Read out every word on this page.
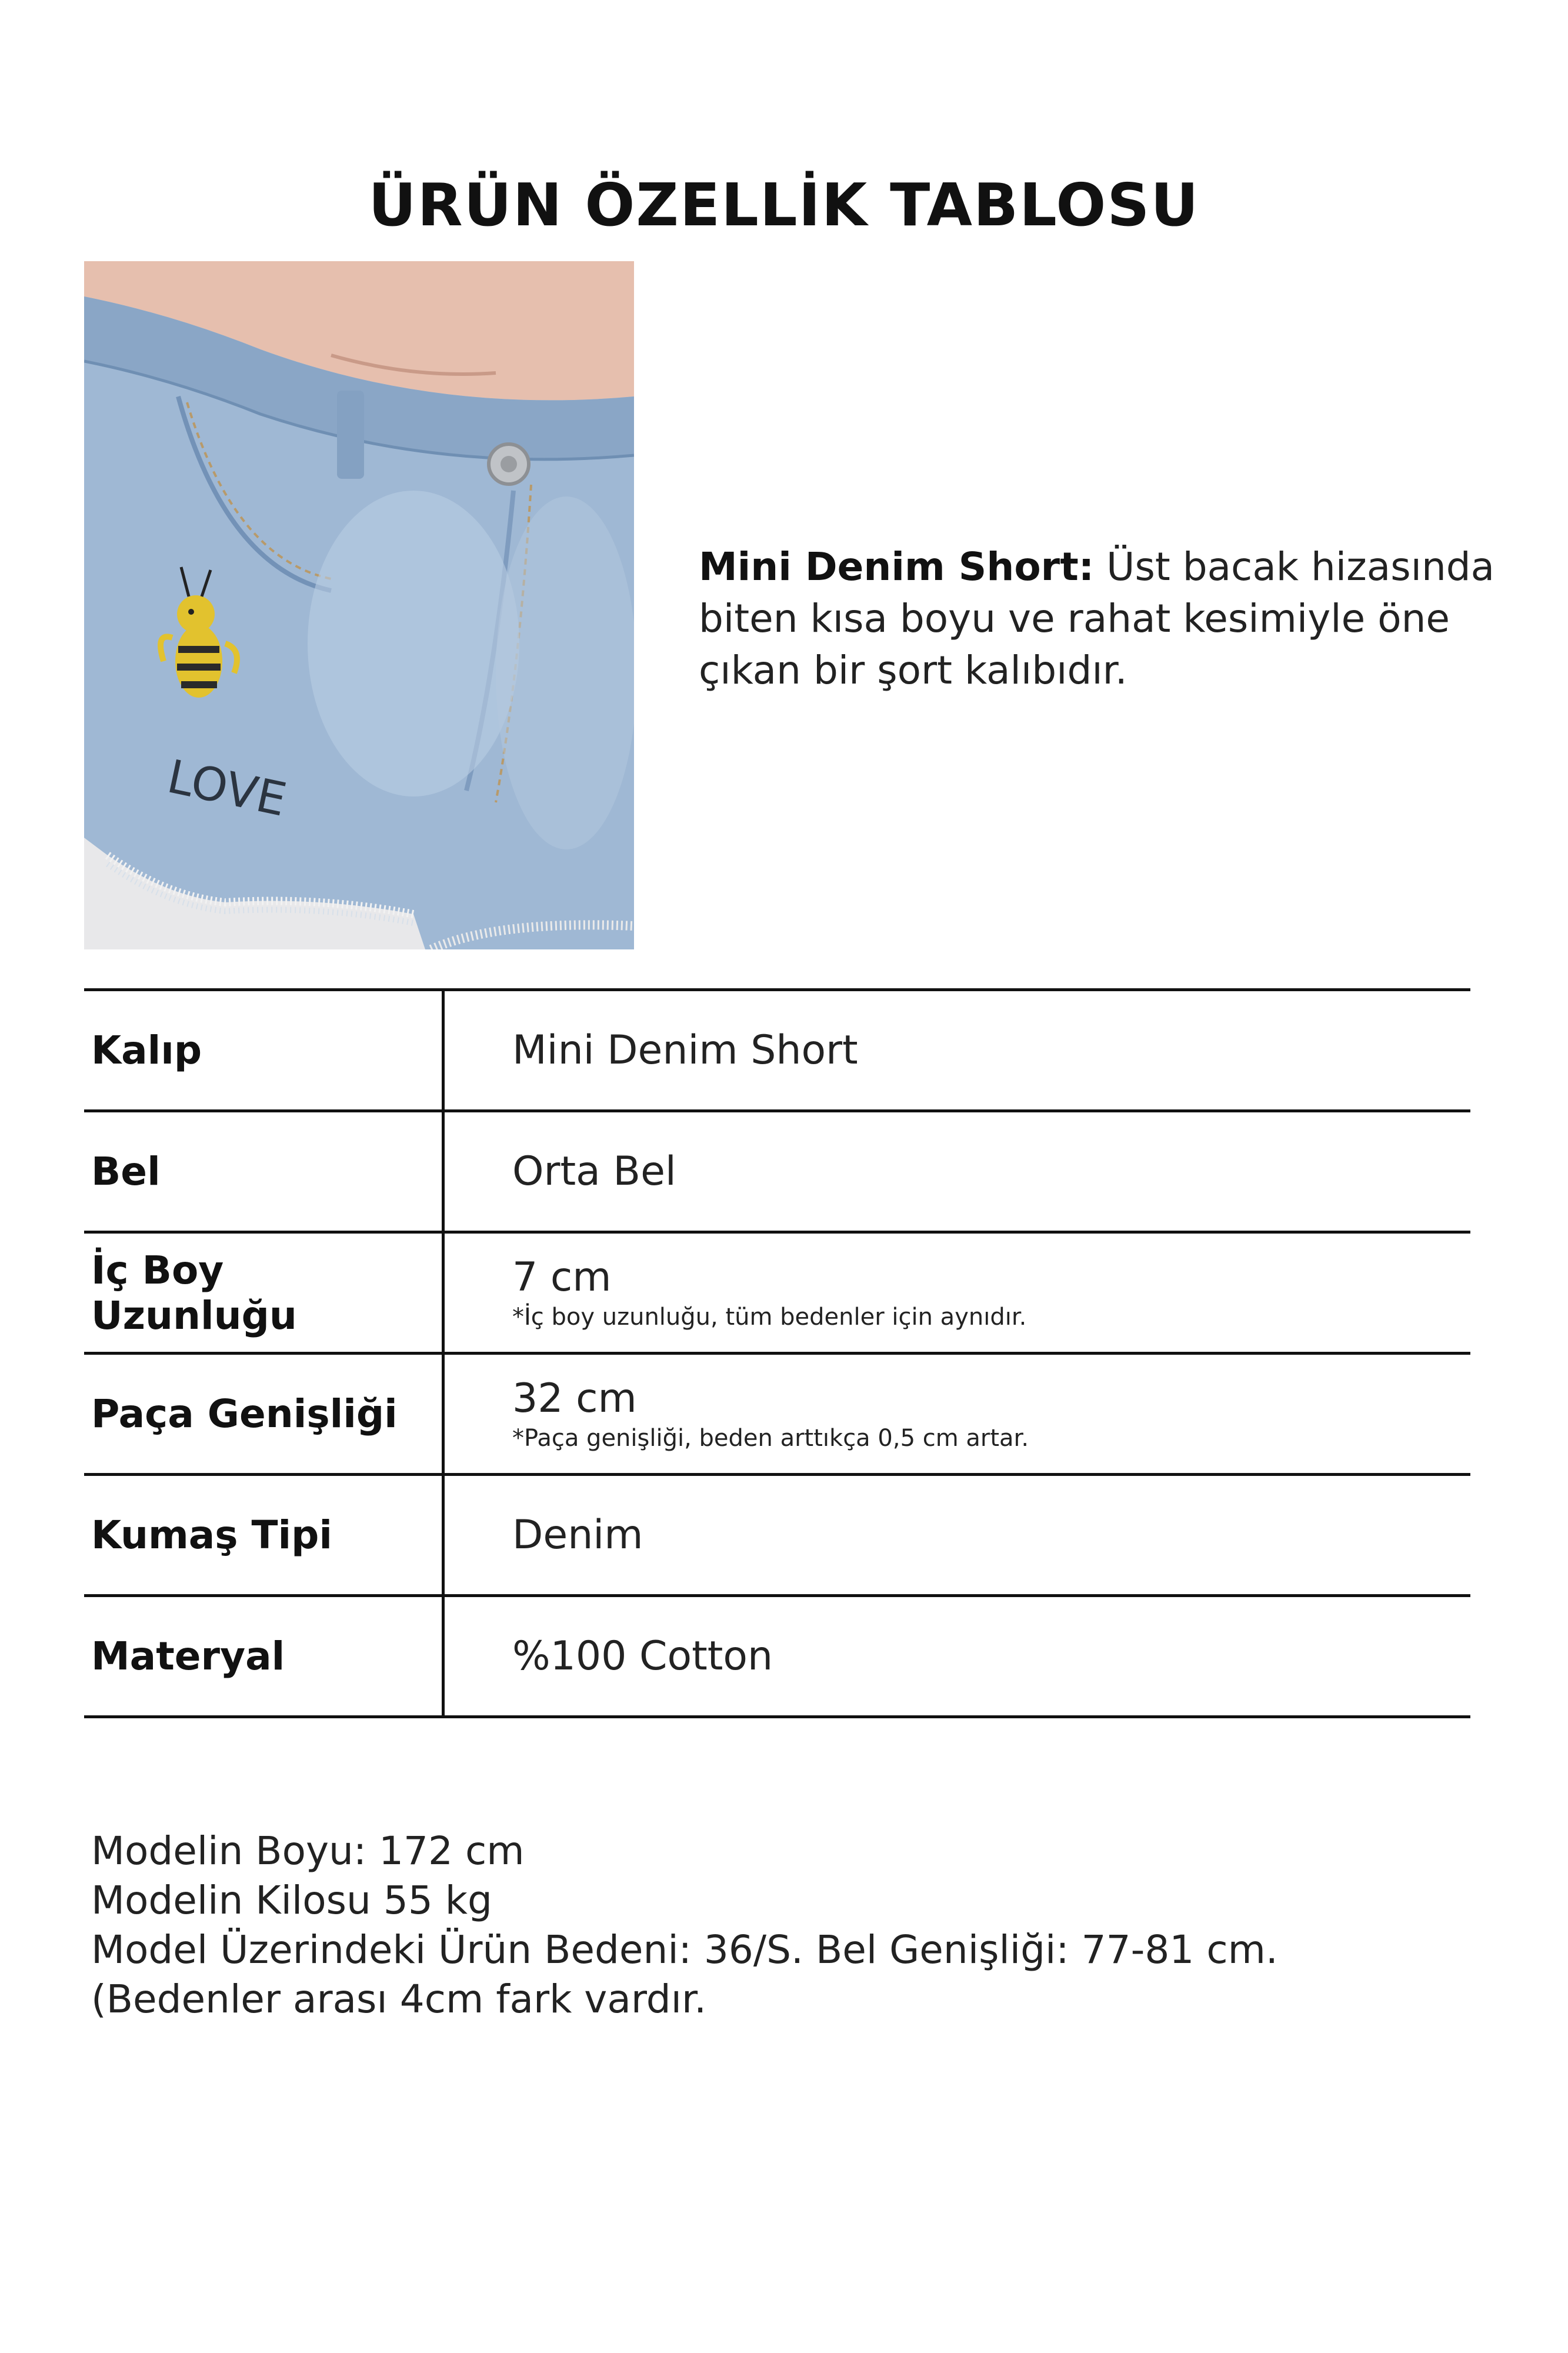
ÜRÜN ÖZELLİK TABLOSU
LOVE
Mini Denim Short: Üst bacak hizasında biten kısa boyu ve rahat kesimiyle öne çıkan bir şort kalıbıdır.
Kalıp	Mini Denim Short
Bel	Orta Bel
İç Boy Uzunluğu	7 cm
*İç boy uzunluğu, tüm bedenler için aynıdır.

Paça Genişliği	32 cm
*Paça genişliği, beden arttıkça 0,5 cm artar.

Kumaş Tipi	Denim
Materyal	%100 Cotton
Modelin Boyu: 172 cm
Modelin Kilosu 55 kg
Model Üzerindeki Ürün Bedeni: 36/S. Bel Genişliği: 77-81 cm. (Bedenler arası 4cm fark vardır.
